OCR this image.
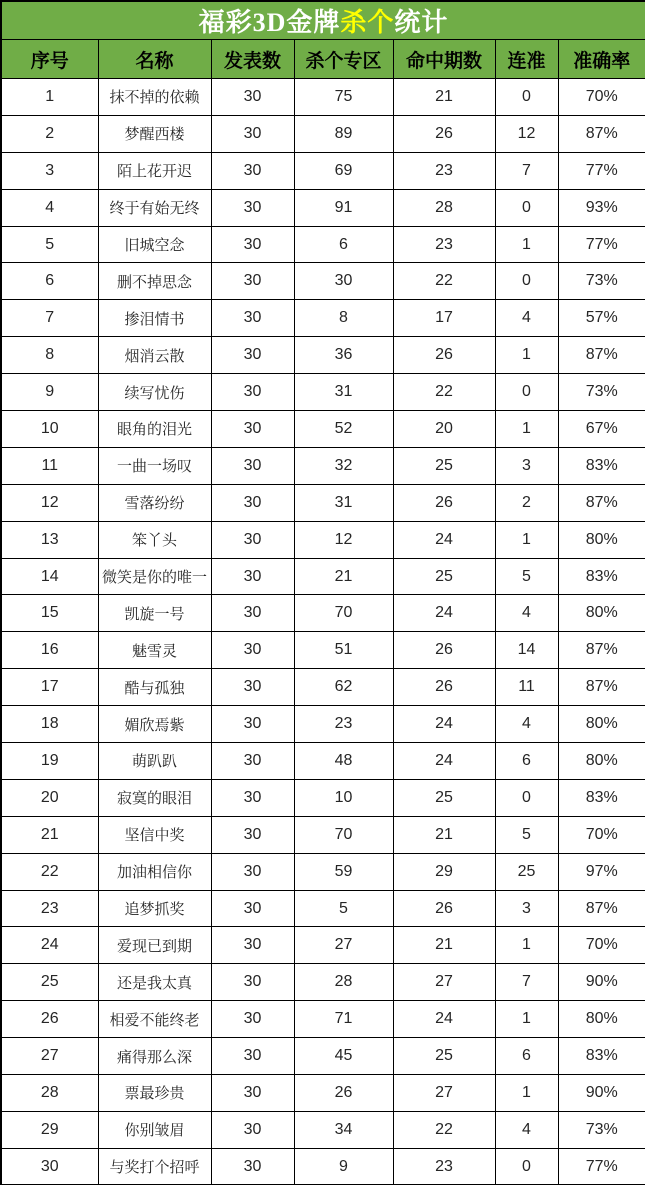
福彩3D金牌杀个统计						
序号	名称	发表数	杀个专区	命中期数	连准	准确率
1	抹不掉的依赖	30	75	21	0	70%
2	梦醒西楼	30	89	26	12	87%
3	陌上花开迟	30	69	23	7	77%
4	终于有始无终	30	91	28	0	93%
5	旧城空念	30	6	23	1	77%
6	删不掉思念	30	30	22	0	73%
7	掺泪情书	30	8	17	4	57%
8	烟消云散	30	36	26	1	87%
9	续写忧伤	30	31	22	0	73%
10	眼角的泪光	30	52	20	1	67%
11	一曲一场叹	30	32	25	3	83%
12	雪落纷纷	30	31	26	2	87%
13	笨丫头	30	12	24	1	80%
14	微笑是你的唯一	30	21	25	5	83%
15	凯旋一号	30	70	24	4	80%
16	魅雪灵	30	51	26	14	87%
17	酷与孤独	30	62	26	11	87%
18	媚欣焉紫	30	23	24	4	80%
19	萌趴趴	30	48	24	6	80%
20	寂寞的眼泪	30	10	25	0	83%
21	坚信中奖	30	70	21	5	70%
22	加油相信你	30	59	29	25	97%
23	追梦抓奖	30	5	26	3	87%
24	爱现已到期	30	27	21	1	70%
25	还是我太真	30	28	27	7	90%
26	相爱不能终老	30	71	24	1	80%
27	痛得那么深	30	45	25	6	83%
28	票最珍贵	30	26	27	1	90%
29	你别皱眉	30	34	22	4	73%
30	与奖打个招呼	30	9	23	0	77%
